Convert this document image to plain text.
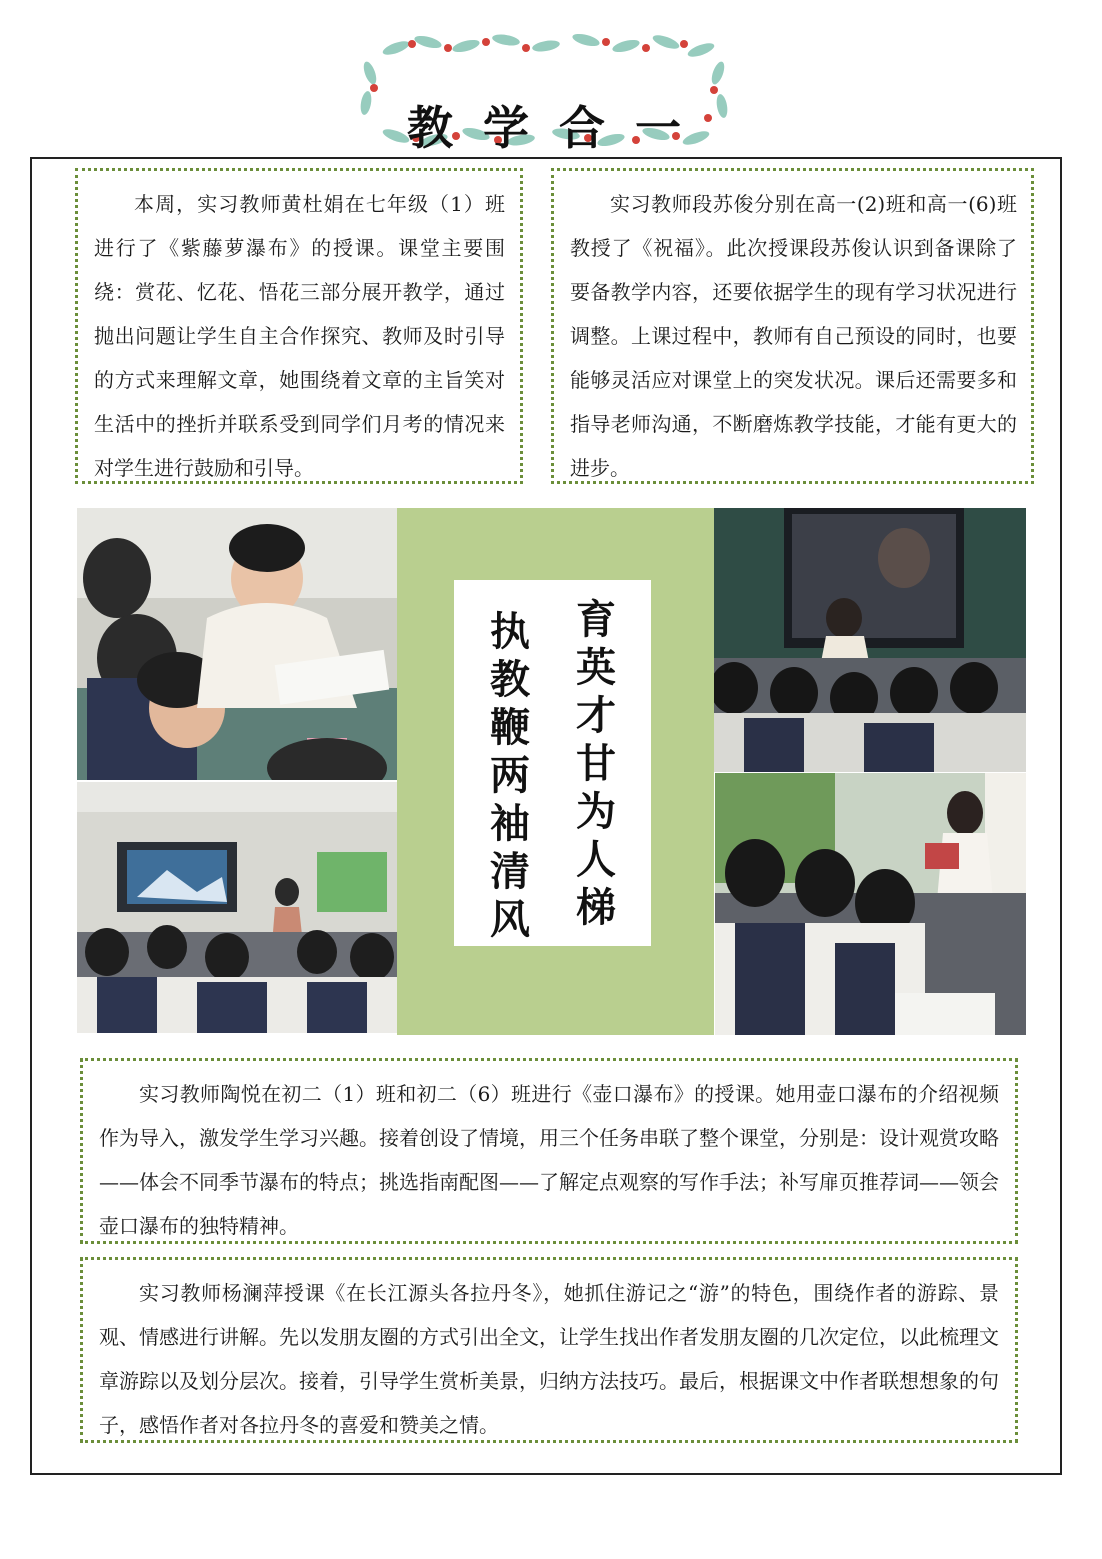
教学合一

本周，实习教师黄杜娟在七年级（1）班进行了《紫藤萝瀑布》的授课。课堂主要围绕：赏花、忆花、悟花三部分展开教学，通过抛出问题让学生自主合作探究、教师及时引导的方式来理解文章，她围绕着文章的主旨笑对生活中的挫折并联系受到同学们月考的情况来对学生进行鼓励和引导。

实习教师段苏俊分别在高一(2)班和高一(6)班教授了《祝福》。此次授课段苏俊认识到备课除了要备教学内容，还要依据学生的现有学习状况进行调整。上课过程中，教师有自己预设的同时，也要能够灵活应对课堂上的突发状况。课后还需要多和指导老师沟通，不断磨炼教学技能，才能有更大的进步。

育
英
才
甘
为
人
梯
执
教
鞭
两
袖
清
风

实习教师陶悦在初二（1）班和初二（6）班进行《壶口瀑布》的授课。她用壶口瀑布的介绍视频作为导入，激发学生学习兴趣。接着创设了情境，用三个任务串联了整个课堂，分别是：设计观赏攻略——体会不同季节瀑布的特点；挑选指南配图——了解定点观察的写作手法；补写扉页推荐词——领会壶口瀑布的独特精神。

实习教师杨澜萍授课《在长江源头各拉丹冬》，她抓住游记之“游”的特色，围绕作者的游踪、景观、情感进行讲解。先以发朋友圈的方式引出全文，让学生找出作者发朋友圈的几次定位，以此梳理文章游踪以及划分层次。接着，引导学生赏析美景，归纳方法技巧。最后，根据课文中作者联想想象的句子，感悟作者对各拉丹冬的喜爱和赞美之情。
